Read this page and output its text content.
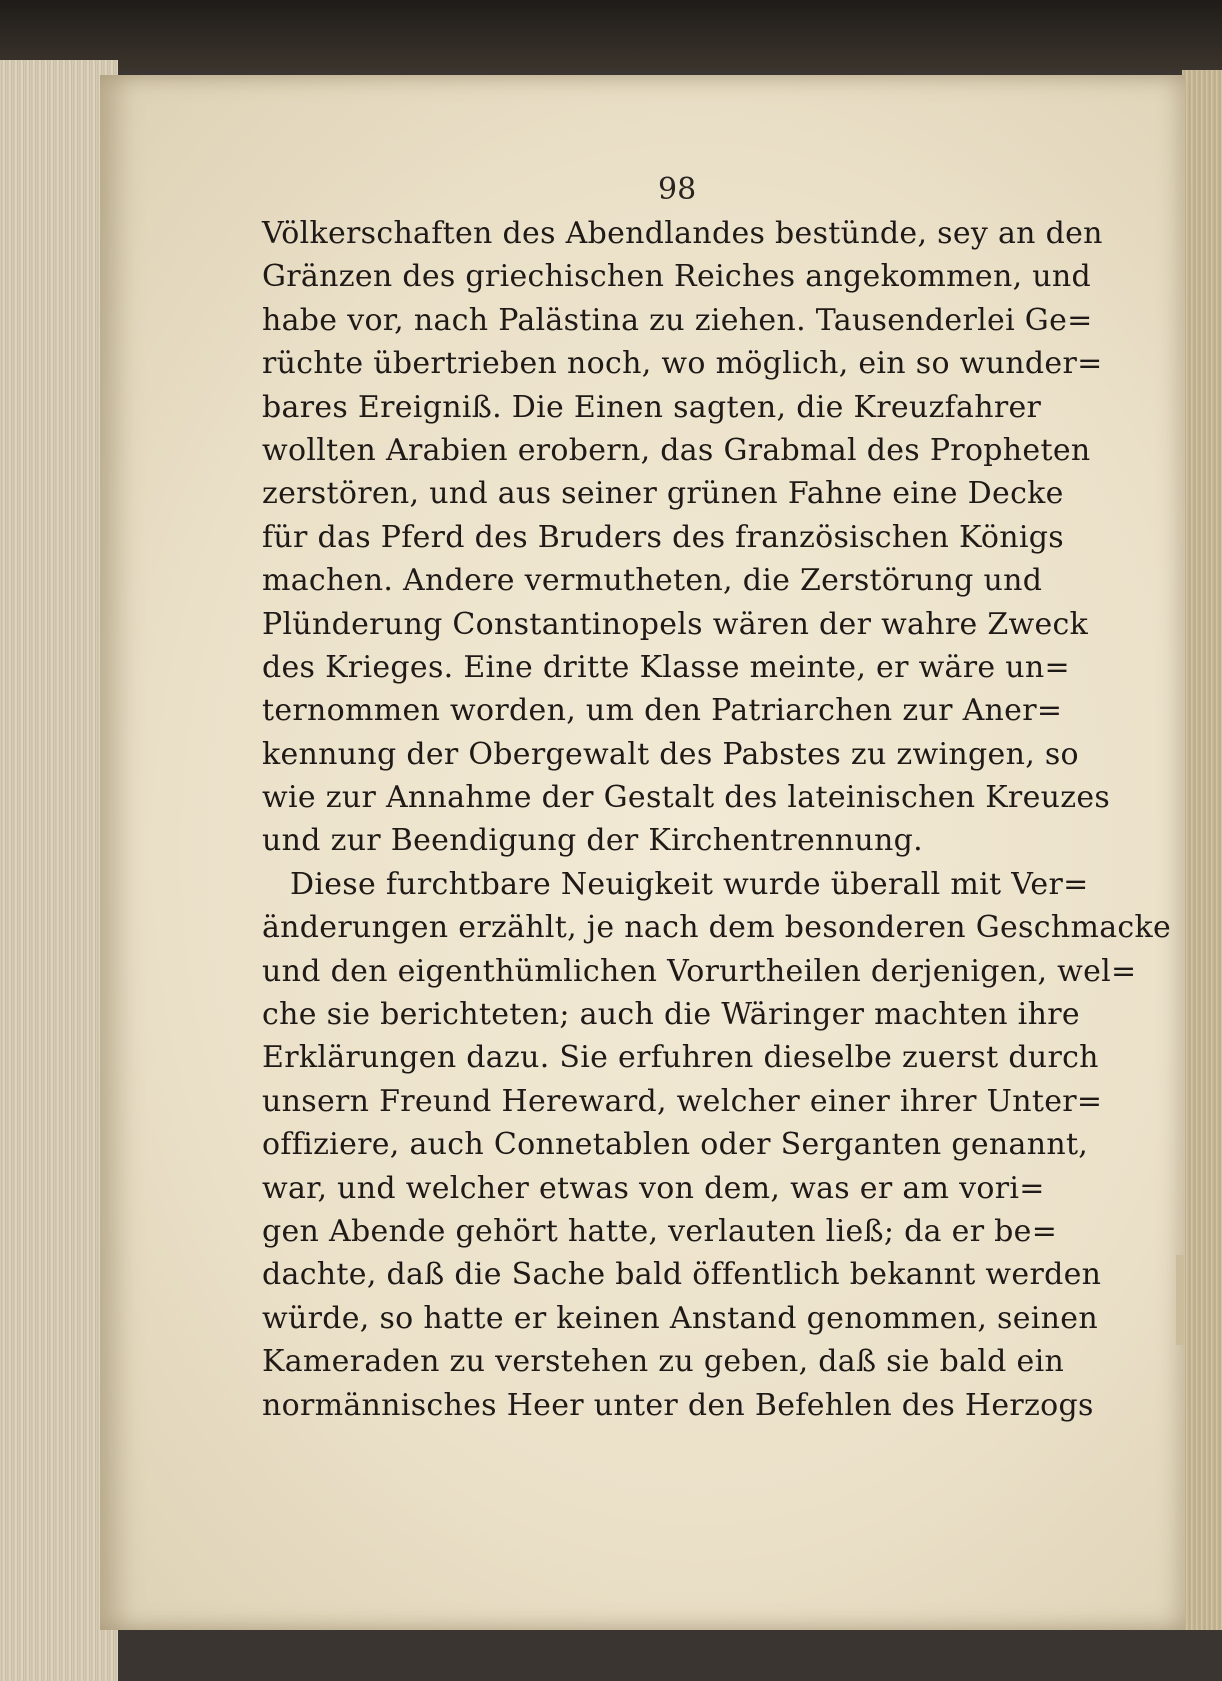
98

Völkerschaften des Abendlandes bestünde, sey an den
Gränzen des griechischen Reiches angekommen, und
habe vor, nach Palästina zu ziehen. Tausenderlei Ge=
rüchte übertrieben noch, wo möglich, ein so wunder=
bares Ereigniß. Die Einen sagten, die Kreuzfahrer
wollten Arabien erobern, das Grabmal des Propheten
zerstören, und aus seiner grünen Fahne eine Decke
für das Pferd des Bruders des französischen Königs
machen. Andere vermutheten, die Zerstörung und
Plünderung Constantinopels wären der wahre Zweck
des Krieges. Eine dritte Klasse meinte, er wäre un=
ternommen worden, um den Patriarchen zur Aner=
kennung der Obergewalt des Pabstes zu zwingen, so
wie zur Annahme der Gestalt des lateinischen Kreuzes
und zur Beendigung der Kirchentrennung.
Diese furchtbare Neuigkeit wurde überall mit Ver=
änderungen erzählt, je nach dem besonderen Geschmacke
und den eigenthümlichen Vorurtheilen derjenigen, wel=
che sie berichteten; auch die Wäringer machten ihre
Erklärungen dazu. Sie erfuhren dieselbe zuerst durch
unsern Freund Hereward, welcher einer ihrer Unter=
offiziere, auch Connetablen oder Serganten genannt,
war, und welcher etwas von dem, was er am vori=
gen Abende gehört hatte, verlauten ließ; da er be=
dachte, daß die Sache bald öffentlich bekannt werden
würde, so hatte er keinen Anstand genommen, seinen
Kameraden zu verstehen zu geben, daß sie bald ein
normännisches Heer unter den Befehlen des Herzogs
